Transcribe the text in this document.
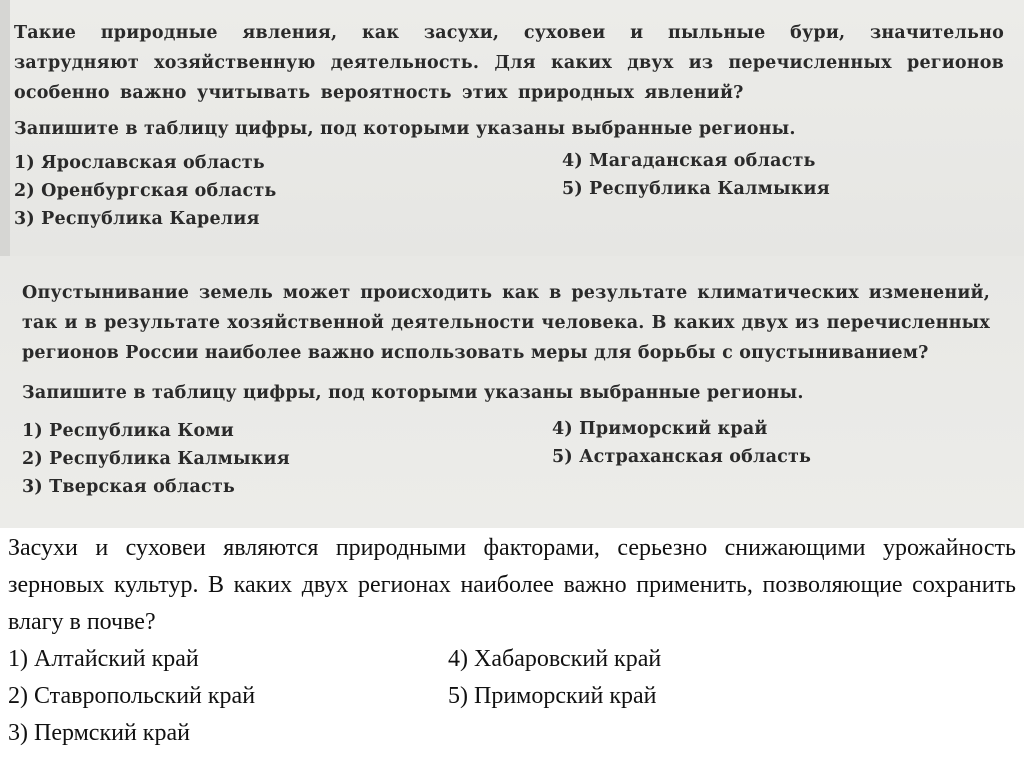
Такие природные явления, как засухи, суховеи и пыльные бури, значительно затрудняют хозяйственную деятельность. Для каких двух из перечисленных регионов особенно важно учитывать вероятность этих природных явлений?

Запишите в таблицу цифры, под которыми указаны выбранные регионы.

1) Ярославская область
2) Оренбургская область
3) Республика Карелия
4) Магаданская область
5) Республика Калмыкия

Опустынивание земель может происходить как в результате климатических изменений, так и в результате хозяйственной деятельности человека. В каких двух из перечисленных регионов России наиболее важно использовать меры для борьбы с опустыниванием?

Запишите в таблицу цифры, под которыми указаны выбранные регионы.

1) Республика Коми
2) Республика Калмыкия
3) Тверская область
4) Приморский край
5) Астраханская область

Засухи и суховеи являются природными факторами, серьезно снижающими урожайность зерновых культур. В каких двух регионах наиболее важно применить, позволяющие сохранить влагу в почве?

1) Алтайский край
2) Ставропольский край
3) Пермский край
4) Хабаровский край
5) Приморский край
